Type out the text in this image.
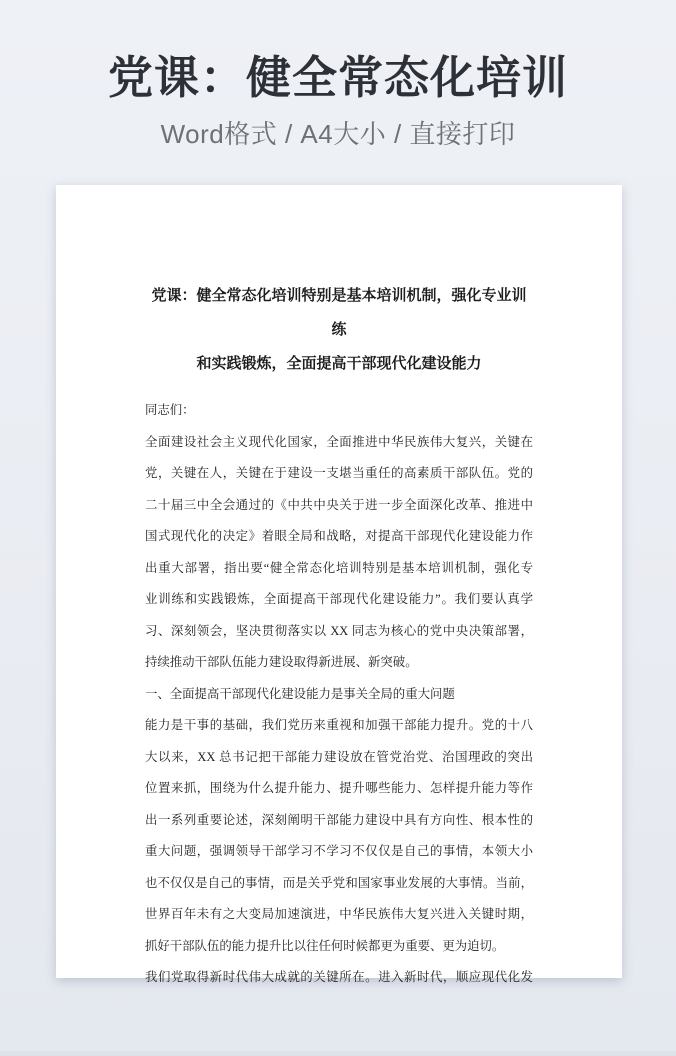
党课：健全常态化培训
Word格式 / A4大小 / 直接打印
党课：健全常态化培训特别是基本培训机制，强化专业训练
和实践锻炼，全面提高干部现代化建设能力
同志们：
全面建设社会主义现代化国家，全面推进中华民族伟大复兴，关键在
党，关键在人，关键在于建设一支堪当重任的高素质干部队伍。党的
二十届三中全会通过的《中共中央关于进一步全面深化改革、推进中
国式现代化的决定》着眼全局和战略，对提高干部现代化建设能力作
出重大部署，指出要“健全常态化培训特别是基本培训机制，强化专
业训练和实践锻炼，全面提高干部现代化建设能力”。我们要认真学
习、深刻领会，坚决贯彻落实以 XX 同志为核心的党中央决策部署，
持续推动干部队伍能力建设取得新进展、新突破。
一、全面提高干部现代化建设能力是事关全局的重大问题
能力是干事的基础，我们党历来重视和加强干部能力提升。党的十八
大以来，XX 总书记把干部能力建设放在管党治党、治国理政的突出
位置来抓，围绕为什么提升能力、提升哪些能力、怎样提升能力等作
出一系列重要论述，深刻阐明干部能力建设中具有方向性、根本性的
重大问题，强调领导干部学习不学习不仅仅是自己的事情，本领大小
也不仅仅是自己的事情，而是关乎党和国家事业发展的大事情。当前，
世界百年未有之大变局加速演进，中华民族伟大复兴进入关键时期，
抓好干部队伍的能力提升比以往任何时候都更为重要、更为迫切。
我们党取得新时代伟大成就的关键所在。进入新时代，顺应现代化发
